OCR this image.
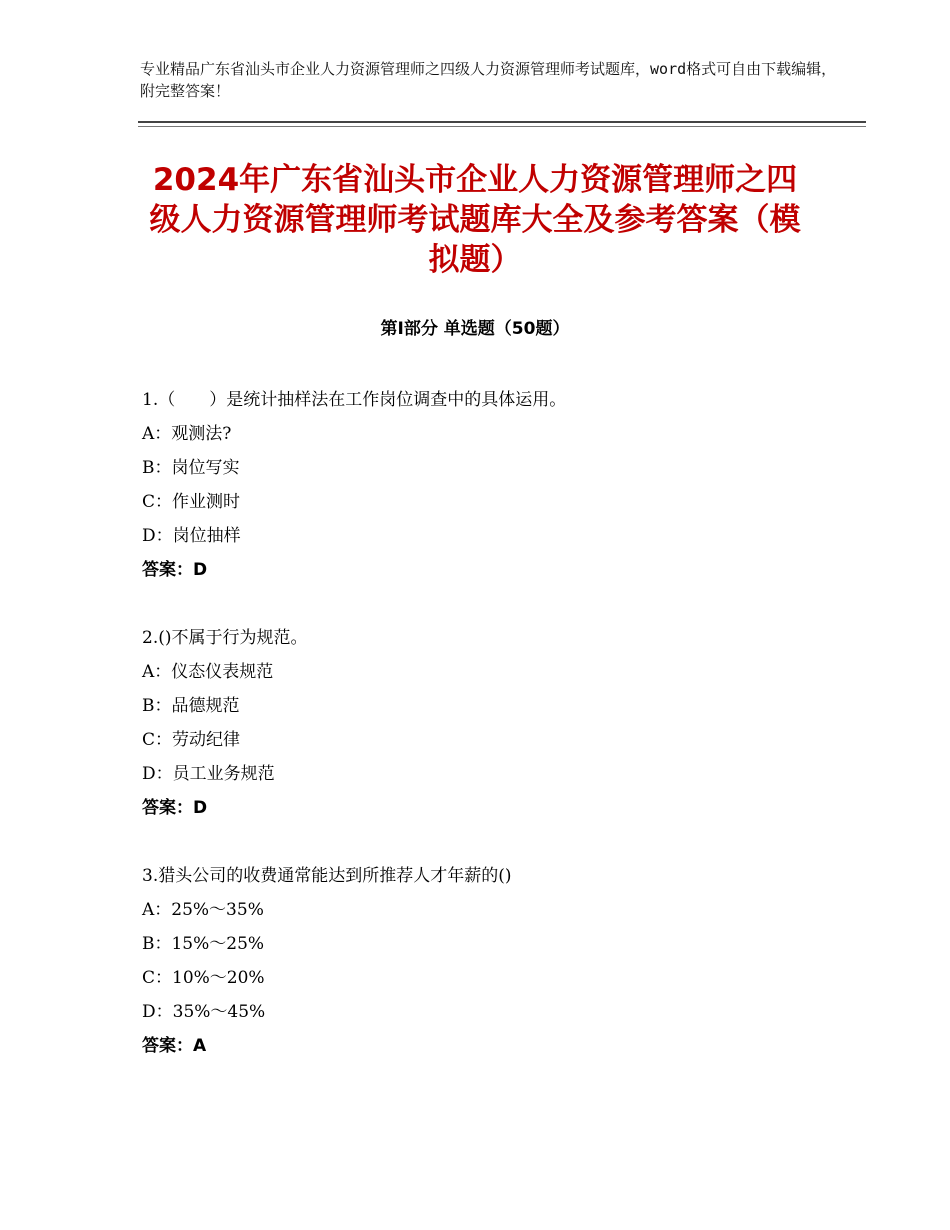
专业精品广东省汕头市企业人力资源管理师之四级人力资源管理师考试题库，word格式可自由下载编辑，附完整答案！
2024年广东省汕头市企业人力资源管理师之四级人力资源管理师考试题库大全及参考答案（模拟题）
第Ⅰ部分 单选题（50题）
1.（　　）是统计抽样法在工作岗位调查中的具体运用。
A：观测法?
B：岗位写实
C：作业测时
D：岗位抽样
答案：D
2.()不属于行为规范。
A：仪态仪表规范
B：品德规范
C：劳动纪律
D：员工业务规范
答案：D
3.猎头公司的收费通常能达到所推荐人才年薪的()
A：25%～35%
B：15%～25%
C：10%～20%
D：35%～45%
答案：A
